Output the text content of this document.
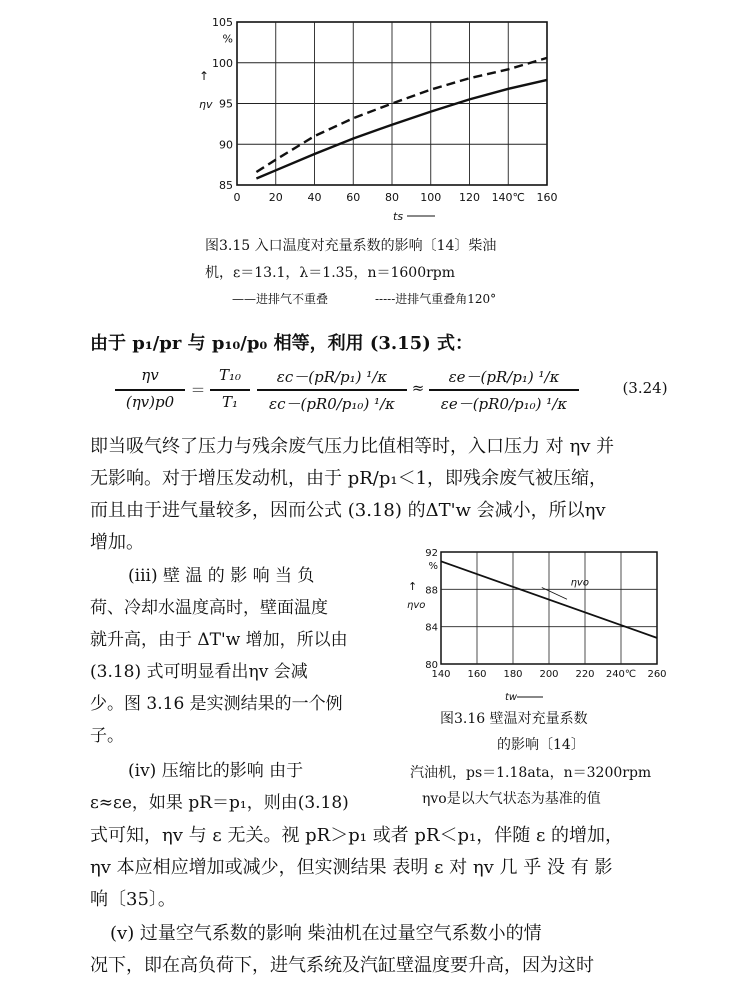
0	20 40 60 80 100 120 140℃ 160
105
%
100
95
90
85
ηv
↑
ts
图3.15 入口温度对充量系数的影响〔14〕柴油
机，ε＝13.1，λ＝1.35，n＝1600rpm
——进排气不重叠	-----进排气重叠角120°
由于 p₁/pr 与 p₁₀/p₀ 相等，利用 (3.15) 式：
ηv
(ηv)p0
＝
T₁₀
T₁
εc－(pR/p₁) ¹/κ
εc－(pR0/p₁₀) ¹/κ
≈
εe－(pR/p₁) ¹/κ
εe－(pR0/p₁₀) ¹/κ
(3.24)
即当吸气终了压力与残余废气压力比值相等时，入口压力 对 ηv 并
无影响。对于增压发动机，由于 pR/p₁＜1，即残余废气被压缩，
而且由于进气量较多，因而公式 (3.18) 的ΔT'w 会减小，所以ηv
增加。
(iii) 壁 温 的 影 响 当 负
荷、冷却水温度高时，壁面温度
就升高，由于 ΔT'w 增加，所以由
(3.18) 式可明显看出ηv 会减
少。图 3.16 是实测结果的一个例
子。
140 160 180 200 220 240℃ 260
92
%
88
84
80
ηvo
↑
tw
ηvo
图3.16 壁温对充量系数
的影响〔14〕
汽油机，ps＝1.18ata，n＝3200rpm
ηvo是以大气状态为基准的值
(iv) 压缩比的影响 由于
ε≈εe，如果 pR＝p₁，则由(3.18)
式可知，ηv 与 ε 无关。视 pR＞p₁ 或者 pR＜p₁，伴随 ε 的增加，
ηv 本应相应增加或减少，但实测结果 表明 ε 对 ηv 几 乎 没 有 影
响〔35〕。
(v) 过量空气系数的影响 柴油机在过量空气系数小的情
况下，即在高负荷下，进气系统及汽缸壁温度要升高，因为这时
